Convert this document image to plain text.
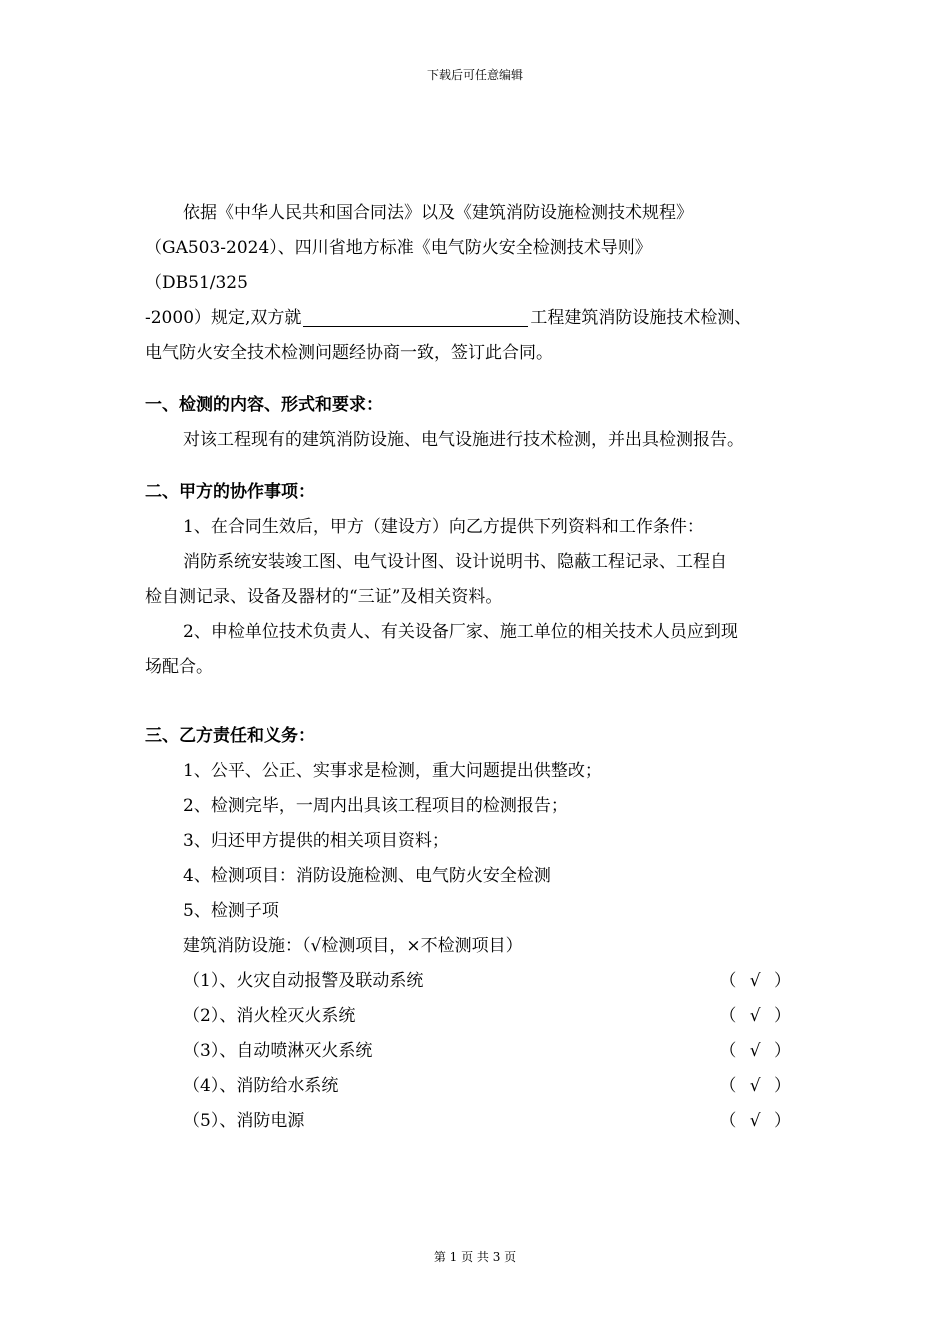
下载后可任意编辑
依据《中华人民共和国合同法》以及《建筑消防设施检测技术规程》
（GA503-2024）、四川省地方标准《电气防火安全检测技术导则》
（DB51/325
-2000）规定,双方就	工程建筑消防设施技术检测、
电气防火安全技术检测问题经协商一致，签订此合同。
一、检测的内容、形式和要求：
对该工程现有的建筑消防设施、电气设施进行技术检测，并出具检测报告。
二、甲方的协作事项：
1、在合同生效后，甲方（建设方）向乙方提供下列资料和工作条件：
消防系统安装竣工图、电气设计图、设计说明书、隐蔽工程记录、工程自
检自测记录、设备及器材的“三证”及相关资料。
2、申检单位技术负责人、有关设备厂家、施工单位的相关技术人员应到现
场配合。
三、乙方责任和义务：
1、公平、公正、实事求是检测，重大问题提出供整改；
2、检测完毕，一周内出具该工程项目的检测报告；
3、归还甲方提供的相关项目资料；
4、检测项目：消防设施检测、电气防火安全检测
5、检测子项
建筑消防设施：（√检测项目，×不检测项目）
（1）、火灾自动报警及联动系统	（ √ ）
（2）、消火栓灭火系统	（ √ ）
（3）、自动喷淋灭火系统	（ √ ）
（4）、消防给水系统	（ √ ）
（5）、消防电源	（ √ ）
第 1 页 共 3 页
